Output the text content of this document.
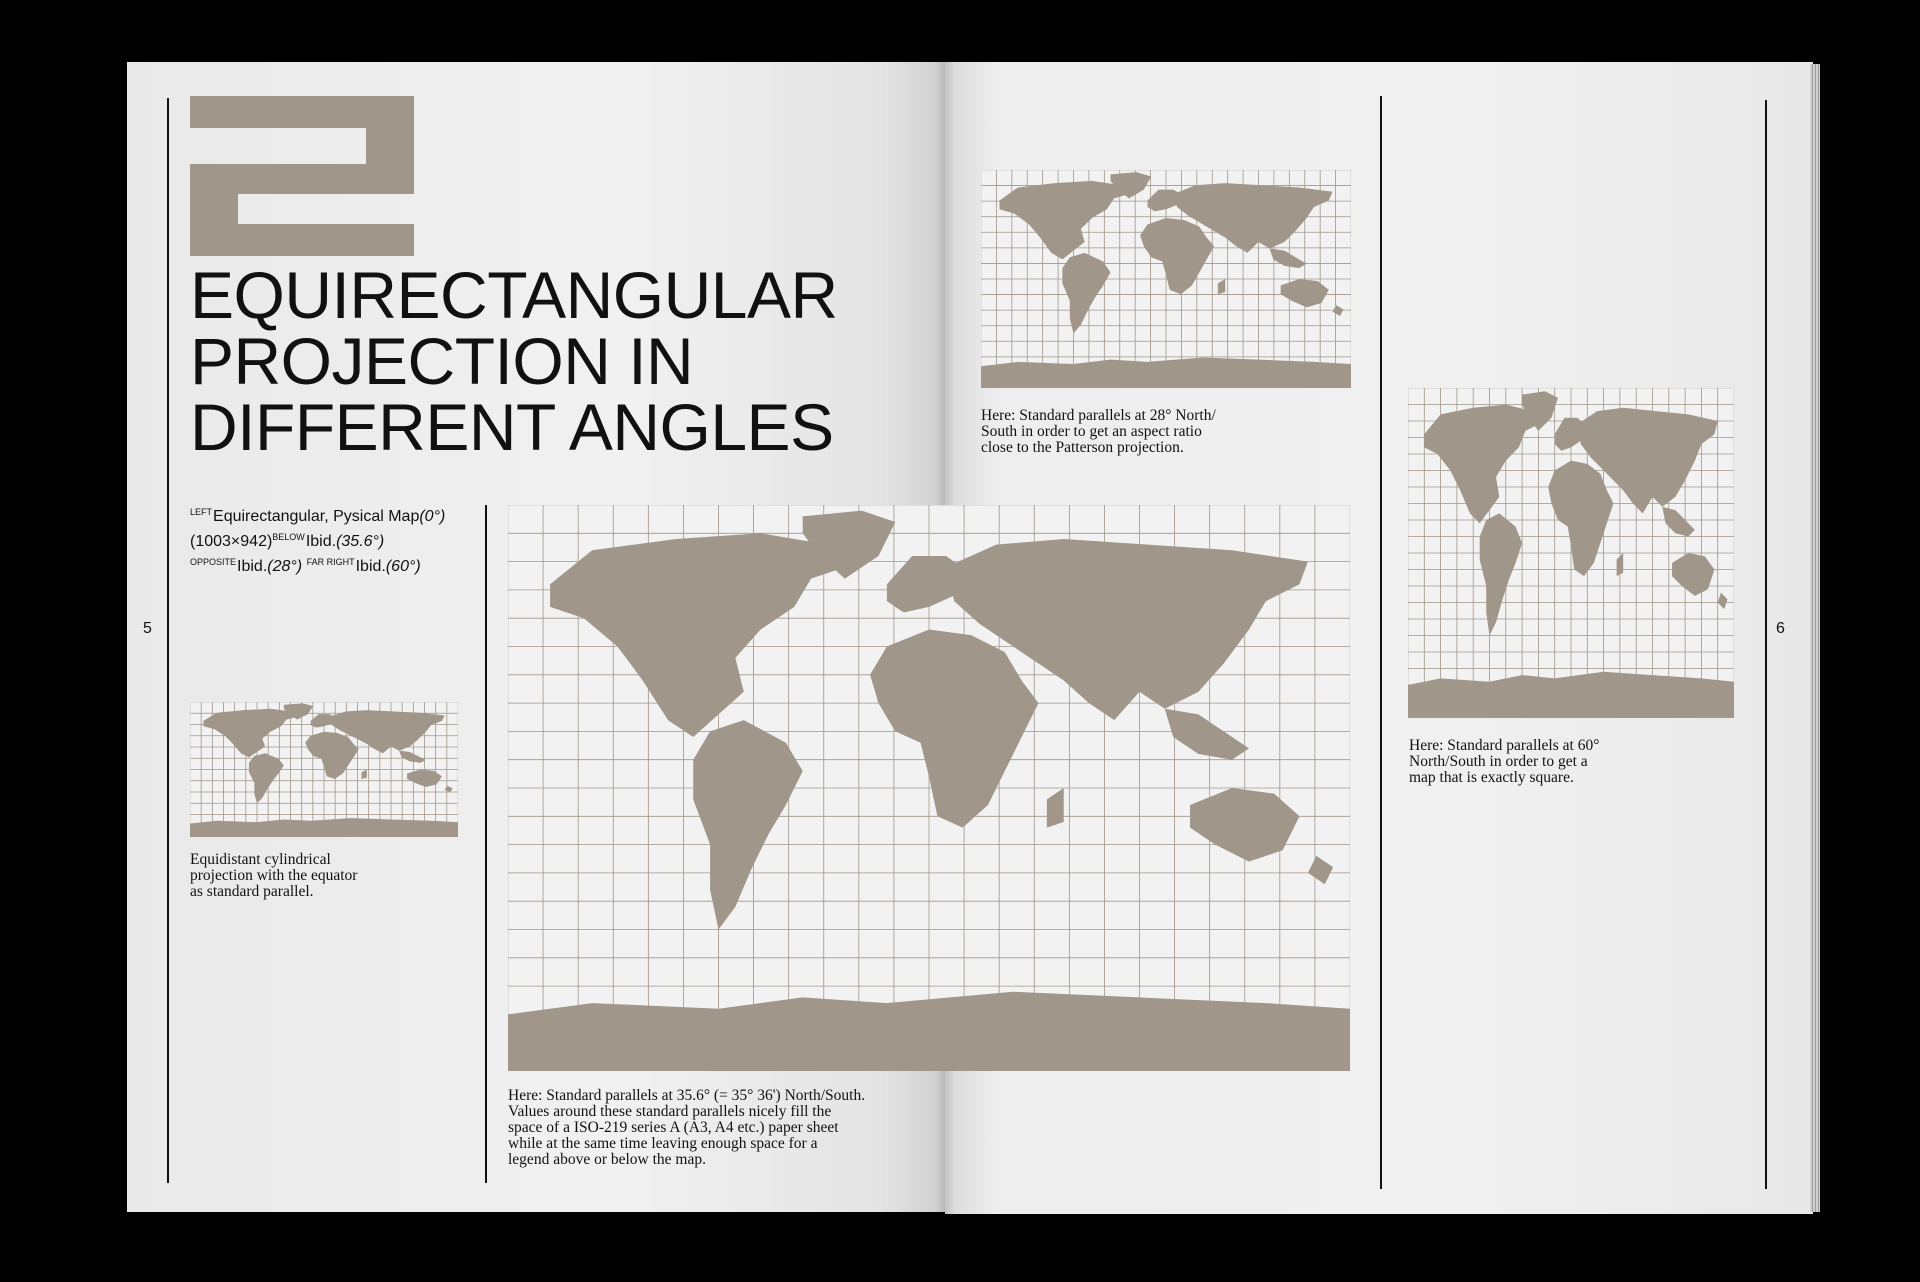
EQUIRECTANGULAR
PROJECTION IN
DIFFERENT ANGLES
$^{LEFT}$Equirectangular, Pysical Map(0°)
$(1003\times 942)^{BELOW}Ibid.(35.6^\circ)$
$^{OPPOSITE}$Ibid.(28°) $^{FAR RIGHT}$Ibid.(60°)
5	6
Equidistant cylindrical
projection with the equator
as standard parallel.
Here: Standard parallels at 35.6° (= 35° 36') North/South.
Values around these standard parallels nicely fill the
space of a ISO-219 series A (A3, A4 etc.) paper sheet
while at the same time leaving enough space for a
legend above or below the map.
Here: Standard parallels at 28° North/
South in order to get an aspect ratio
close to the Patterson projection.
Here: Standard parallels at 60°
North/South in order to get a
map that is exactly square.
